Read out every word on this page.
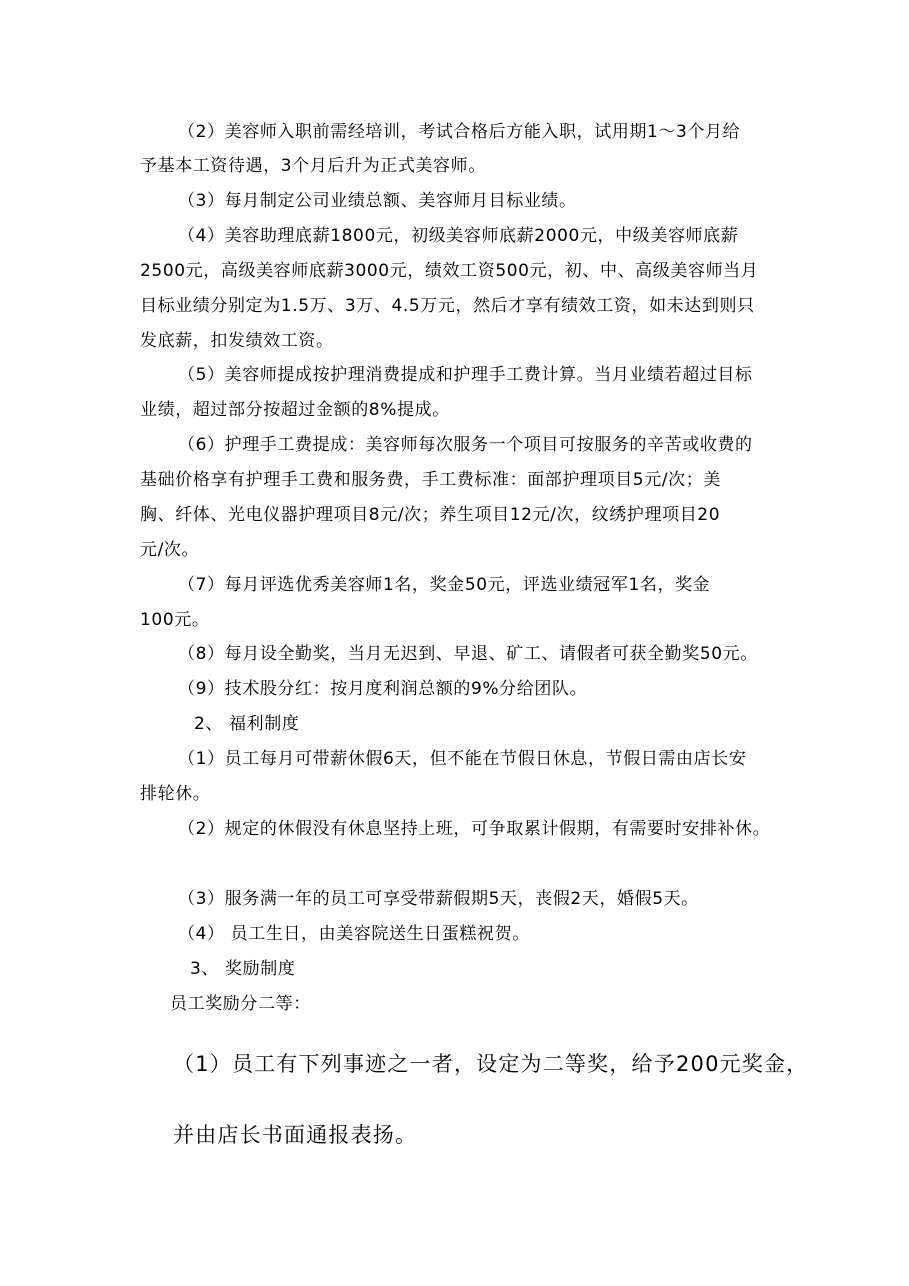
（2）美容师入职前需经培训，考试合格后方能入职，试用期1～3个月给
予基本工资待遇，3个月后升为正式美容师。
（3）每月制定公司业绩总额、美容师月目标业绩。
（4）美容助理底薪1800元，初级美容师底薪2000元，中级美容师底薪
2500元，高级美容师底薪3000元，绩效工资500元，初、中、高级美容师当月
目标业绩分别定为1.5万、3万、4.5万元，然后才享有绩效工资，如未达到则只
发底薪，扣发绩效工资。
（5）美容师提成按护理消费提成和护理手工费计算。当月业绩若超过目标
业绩，超过部分按超过金额的8%提成。
（6）护理手工费提成：美容师每次服务一个项目可按服务的辛苦或收费的
基础价格享有护理手工费和服务费，手工费标准：面部护理项目5元/次；美
胸、纤体、光电仪器护理项目8元/次；养生项目12元/次，纹绣护理项目20
元/次。
（7）每月评选优秀美容师1名，奖金50元，评选业绩冠军1名，奖金
100元。
（8）每月设全勤奖，当月无迟到、早退、矿工、请假者可获全勤奖50元。
（9）技术股分红：按月度利润总额的9%分给团队。
2、 福利制度
（1）员工每月可带薪休假6天，但不能在节假日休息，节假日需由店长安
排轮休。
（2）规定的休假没有休息坚持上班，可争取累计假期，有需要时安排补休。
（3）服务满一年的员工可享受带薪假期5天，丧假2天，婚假5天。
（4） 员工生日，由美容院送生日蛋糕祝贺。
3、 奖励制度
员工奖励分二等：
（1）员工有下列事迹之一者，设定为二等奖，给予200元奖金，
并由店长书面通报表扬。
